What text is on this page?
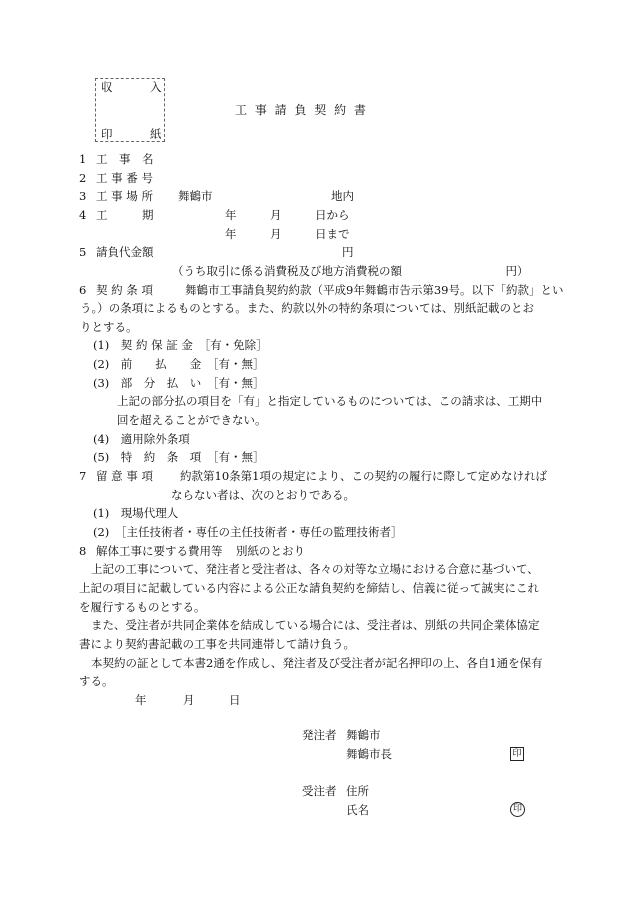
収	入
印	紙
工 事 請 負 契 約 書
1 工　事　名
2 工 事 番 号
3 工 事 場 所 舞鶴市	地内
4 工　　　期	年	月	日から
年	月	日まで
5 請負代金額	円
（うち取引に係る消費税及び地方消費税の額　　　　　　　　　円）
6 契 約 条 項	舞鶴市工事請負契約約款（平成9年舞鶴市告示第39号。以下「約款」とい
う。）の条項によるものとする。また、約款以外の特約条項については、別紙記載のとお
りとする。
(1)　契 約 保 証 金　［有・免除］
(2)　前　　払　　金　［有・無］
(3)　部　分　払　い　［有・無］
上記の部分払の項目を「有」と指定しているものについては、この請求は、工期中
回を超えることができない。
(4)　適用除外条項
(5)　特　約　条　項　［有・無］
7 留 意 事 項 約款第10条第1項の規定により、この契約の履行に際して定めなければ
ならない者は、次のとおりである。
(1)　現場代理人
(2)　［主任技術者・専任の主任技術者・専任の監理技術者］
8 解体工事に要する費用等 別紙のとおり
上記の工事について、発注者と受注者は、各々の対等な立場における合意に基づいて、
上記の項目に記載している内容による公正な請負契約を締結し、信義に従って誠実にこれ
を履行するものとする。
また、受注者が共同企業体を結成している場合には、受注者は、別紙の共同企業体協定
書により契約書記載の工事を共同連帯して請け負う。
本契約の証として本書2通を作成し、発注者及び受注者が記名押印の上、各自1通を保有
する。
年	月	日
発注者 舞鶴市
舞鶴市長	印
受注者 住所
氏名	印
